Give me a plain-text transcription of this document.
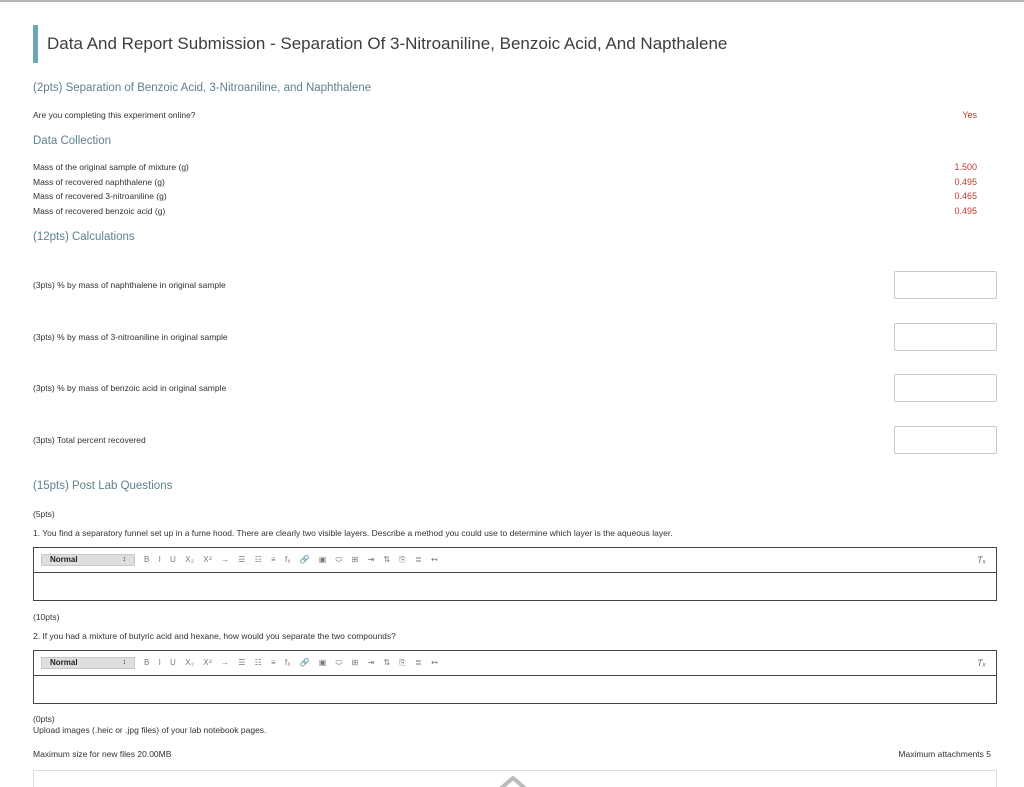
Data And Report Submission - Separation Of 3-Nitroaniline, Benzoic Acid, And Napthalene
(2pts) Separation of Benzoic Acid, 3-Nitroaniline, and Naphthalene
Are you completing this experiment online?	Yes
Data Collection
Mass of the original sample of mixture (g)	1.500
Mass of recovered naphthalene (g)	0.495
Mass of recovered 3-nitroaniline (g)	0.465
Mass of recovered benzoic acid (g)	0.495
(12pts) Calculations
(3pts) % by mass of naphthalene in original sample
(3pts) % by mass of 3-nitroaniline in original sample
(3pts) % by mass of benzoic acid in original sample
(3pts) Total percent recovered
(15pts) Post Lab Questions
(5pts)
1. You find a separatory funnel set up in a fume hood. There are clearly two visible layers. Describe a method you could use to determine which layer is the aqueous layer.
Normal	↕ B I U X₂ X² → ☰ ☷ ≡ fₓ 🔗 ▣ ⬭ ⊞ ⇥ ⇅ ⎘ ≣ ↤	Tₓ
(10pts)
2. If you had a mixture of butyric acid and hexane, how would you separate the two compounds?
Normal	↕ B I U X₂ X² → ☰ ☷ ≡ fₓ 🔗 ▣ ⬭ ⊞ ⇥ ⇅ ⎘ ≣ ↤	Tₓ
(0pts)
Upload images (.heic or .jpg files) of your lab notebook pages.
Maximum size for new files 20.00MB	Maximum attachments 5
